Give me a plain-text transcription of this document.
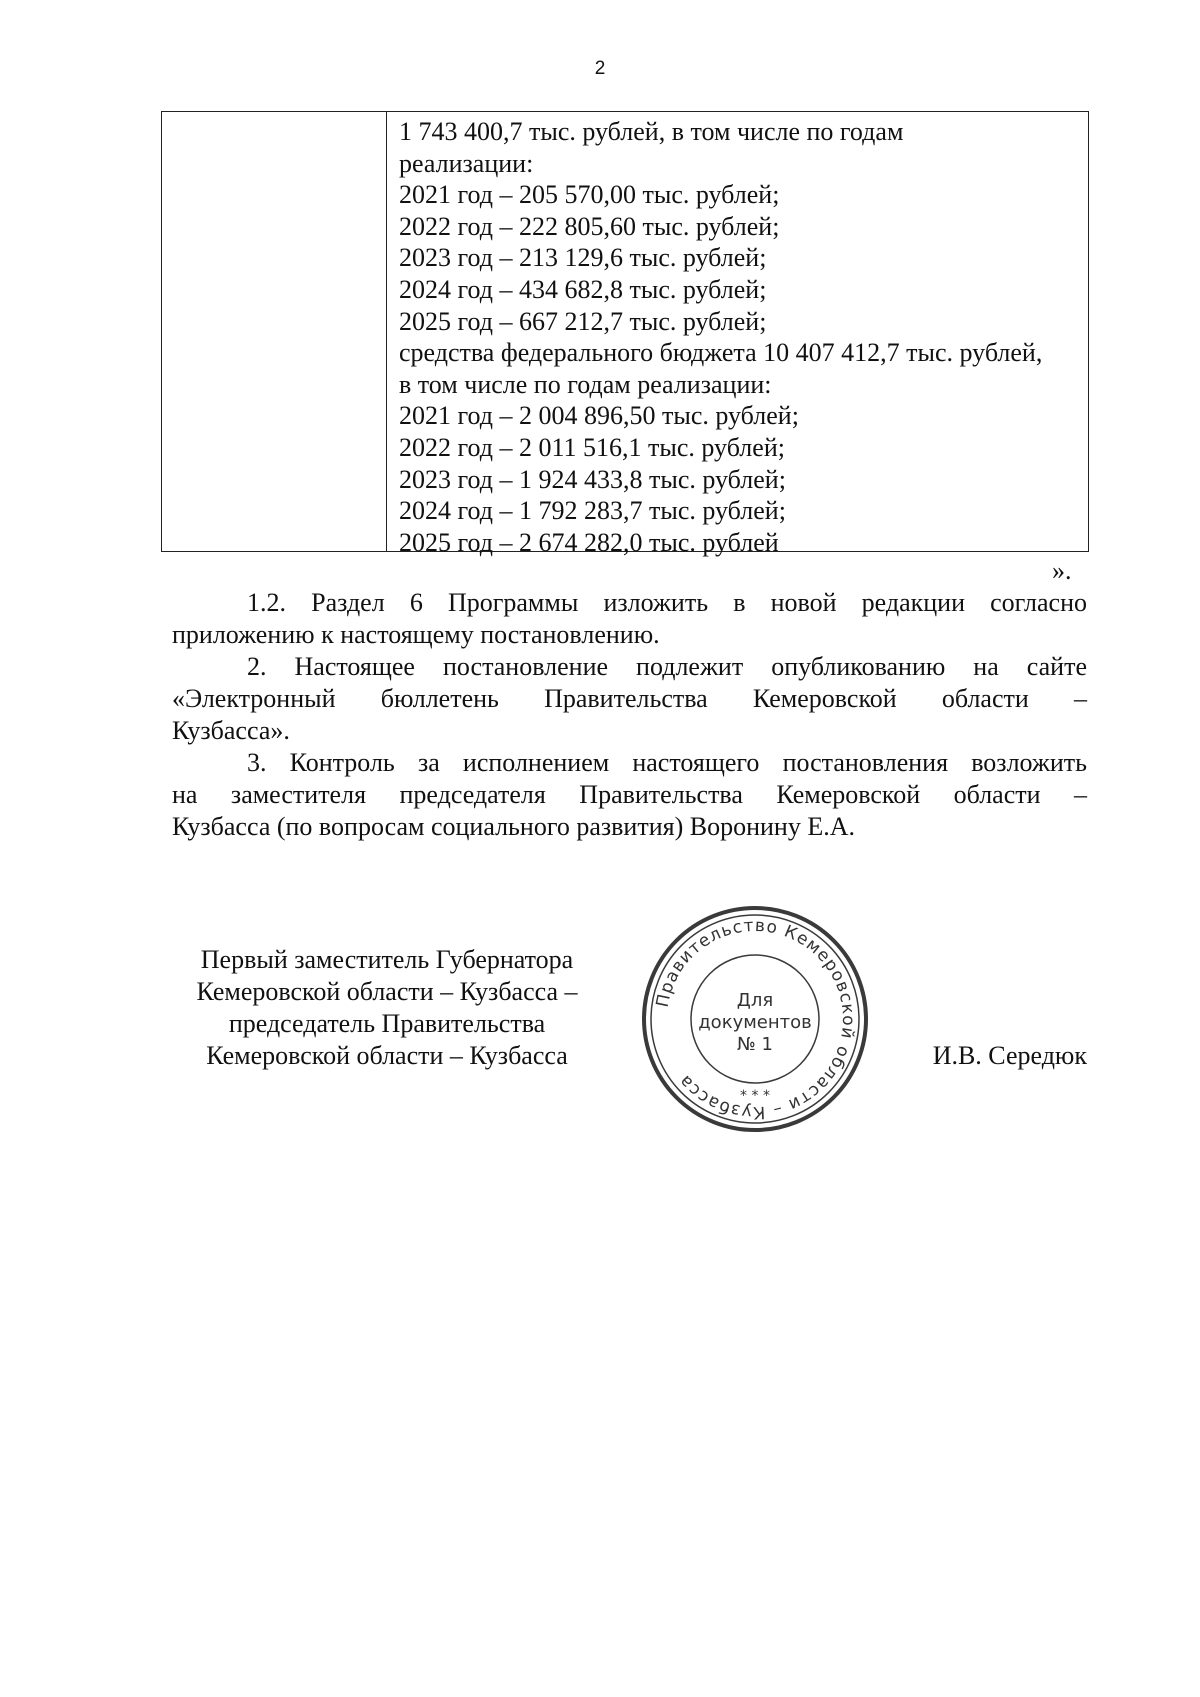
2
1 743 400,7 тыс. рублей, в том числе по годам
реализации:
2021 год – 205 570,00 тыс. рублей;
2022 год – 222 805,60 тыс. рублей;
2023 год – 213 129,6 тыс. рублей;
2024 год – 434 682,8 тыс. рублей;
2025 год – 667 212,7 тыс. рублей;
средства федерального бюджета 10 407 412,7 тыс. рублей,
в том числе по годам реализации:
2021 год – 2 004 896,50 тыс. рублей;
2022 год – 2 011 516,1 тыс. рублей;
2023 год – 1 924 433,8 тыс. рублей;
2024 год – 1 792 283,7 тыс. рублей;
2025 год – 2 674 282,0 тыс. рублей
».
1.2. Раздел 6 Программы изложить в новой редакции согласно
приложению к настоящему постановлению.
2. Настоящее постановление подлежит опубликованию на сайте
«Электронный бюллетень Правительства Кемеровской области –
Кузбасса».
3. Контроль за исполнением настоящего постановления возложить
на заместителя председателя Правительства Кемеровской области –
Кузбасса (по вопросам социального развития) Воронину Е.А.
Первый заместитель Губернатора
Кемеровской области – Кузбасса –
председатель Правительства
Кемеровской области – Кузбасса
Правительство Кемеровской области – Кузбасса
* * *
Для
документов
№ 1	И.В. Середюк
